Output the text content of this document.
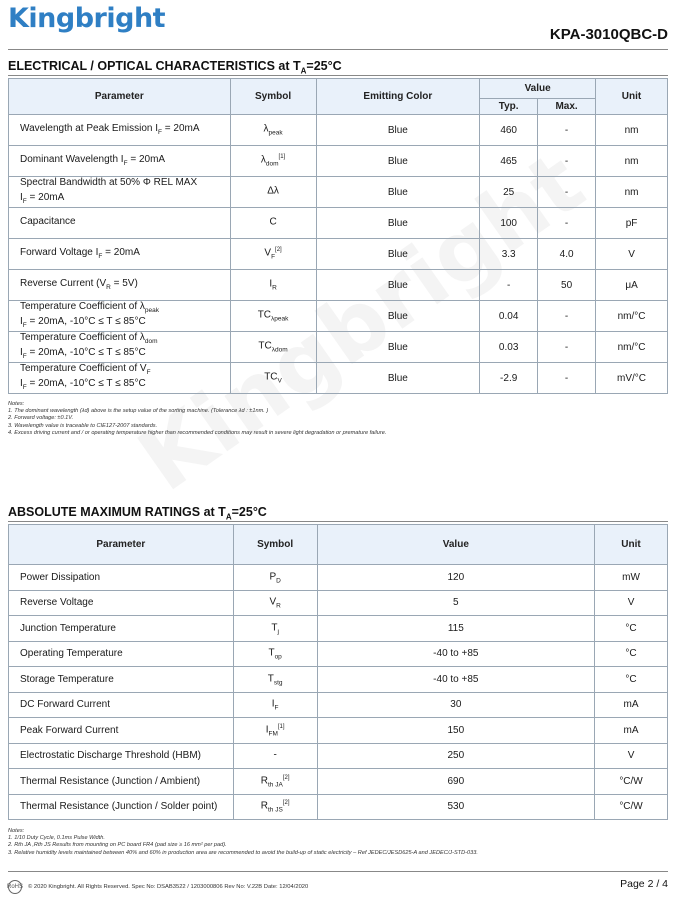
Kingbright
KPA-3010QBC-D
ELECTRICAL / OPTICAL CHARACTERISTICS at $T_A=25^\circ C$
Parameter	Symbol	Emitting Color	Value		Unit
			Typ.	Max.	
Wavelength at Peak Emission $I_F = 20mA$	$\lambda_{peak}$	Blue	460	-	nm
Dominant Wavelength $I_F = 20mA$	$\lambda_{dom}[1]$	Blue	465	-	nm
Spectral Bandwidth at 50% Φ REL MAX
$I_F = 20mA$	Δλ	Blue	25	-	nm
Capacitance	C	Blue	100	-	pF
Forward Voltage $I_F = 20mA$	$V_F[2]$	Blue	3.3	4.0	V
Reverse Current $(V_R = 5V)$	$I_R$	Blue	-	50	μA
Temperature Coefficient of $\lambda_{peak}$
$I_F = 20mA$, -10°C ≤ T ≤ 85°C	$TC_{\lambda peak}$	Blue	0.04	-	nm/°C
Temperature Coefficient of $\lambda_{dom}$
$I_F = 20mA$, -10°C ≤ T ≤ 85°C	$TC_{\lambda dom}$	Blue	0.03	-	nm/°C
Temperature Coefficient of $V_F$
$I_F = 20mA$, -10°C ≤ T ≤ 85°C	$TC_V$	Blue	-2.9	-	mV/°C
Notes:
1. The dominant wavelength (λd) above is the setup value of the sorting machine. (Tolerance λd : ±1nm. )
2. Forward voltage: ±0.1V.
3. Wavelength value is traceable to CIE127-2007 standards.
4. Excess driving current and / or operating temperature higher than recommended conditions may result in severe light degradation or premature failure.
ABSOLUTE MAXIMUM RATINGS at $T_A=25^\circ C$
Parameter	Symbol	Value	Unit
Power Dissipation	$P_D$	120	mW
Reverse Voltage	$V_R$	5	V
Junction Temperature	$T_j$	115	°C
Operating Temperature	$T_{op}$	-40 to +85	°C
Storage Temperature	$T_{stg}$	-40 to +85	°C
DC Forward Current	$I_F$	30	mA
Peak Forward Current	$I_{FM}[1]$	150	mA
Electrostatic Discharge Threshold (HBM)	-	250	V
Thermal Resistance (Junction / Ambient)	$R_{th JA}[2]$	690	°C/W
Thermal Resistance (Junction / Solder point)	$R_{th JS}[2]$	530	°C/W
Notes:
1. 1/10 Duty Cycle, 0.1ms Pulse Width.
2. Rth JA ,Rth JS Results from mounting on PC board FR4 (pad size ≥ 16 mm² per pad).
3. Relative humidity levels maintained between 40% and 60% in production area are recommended to avoid the build-up of static electricity – Ref JEDEC/JESD625-A and JEDEC/J-STD-033.
RoHS © 2020 Kingbright. All Rights Reserved. Spec No: DSAB3522 / 1203000806 Rev No: V.22B Date: 12/04/2020	Page 2 / 4
